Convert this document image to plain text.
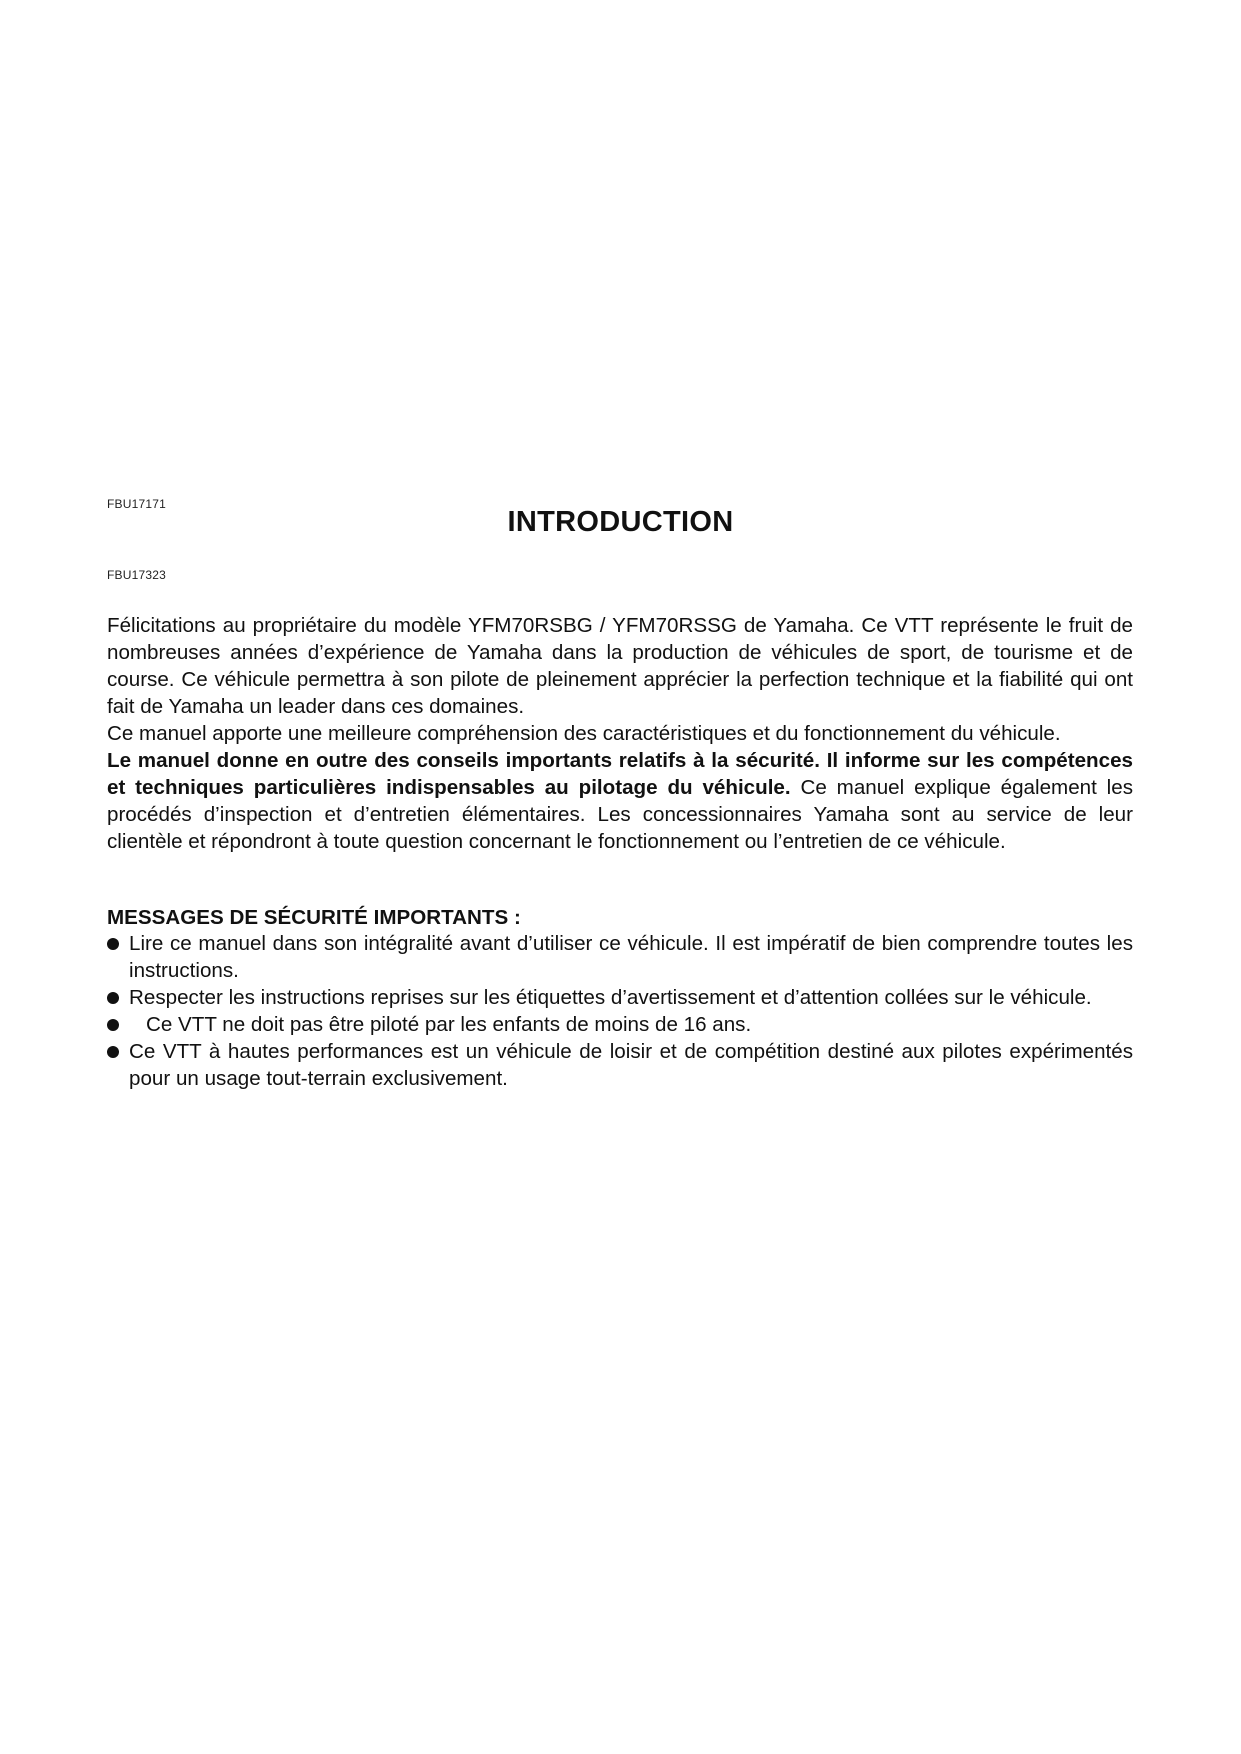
FBU17171
INTRODUCTION
FBU17323

Félicitations au propriétaire du modèle YFM70RSBG / YFM70RSSG de Yamaha. Ce VTT représente le fruit de nombreuses années d’expérience de Yamaha dans la production de véhicules de sport, de tourisme et de course. Ce véhicule permettra à son pilote de pleinement apprécier la perfection technique et la fiabilité qui ont fait de Yamaha un leader dans ces domaines.

Ce manuel apporte une meilleure compréhension des caractéristiques et du fonctionnement du véhicule.

Le manuel donne en outre des conseils importants relatifs à la sécurité. Il informe sur les compétences et techniques particulières indispensables au pilotage du véhicule. Ce manuel explique également les procédés d’inspection et d’entretien élémentaires. Les concessionnaires Yamaha sont au service de leur clientèle et répondront à toute question concernant le fonctionnement ou l’entretien de ce véhicule.

MESSAGES DE SÉCURITÉ IMPORTANTS :
Lire ce manuel dans son intégralité avant d’utiliser ce véhicule. Il est impératif de bien comprendre toutes les instructions.
Respecter les instructions reprises sur les étiquettes d’avertissement et d’attention collées sur le véhicule.
Ce VTT ne doit pas être piloté par les enfants de moins de 16 ans.
Ce VTT à hautes performances est un véhicule de loisir et de compétition destiné aux pilotes expérimentés pour un usage tout-terrain exclusivement.
